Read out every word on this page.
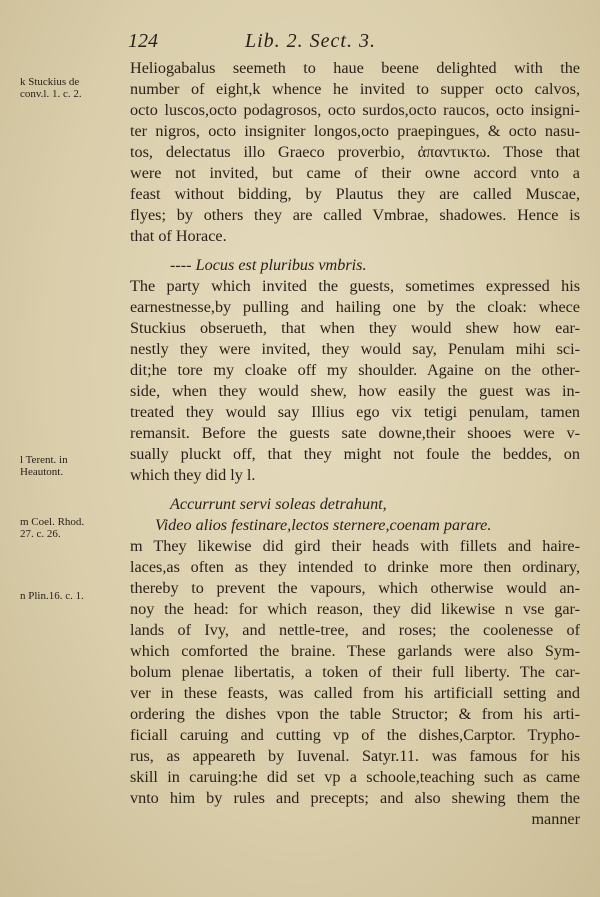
124	Lib. 2. Sect. 3.
k Stuckius de
conv.l. 1. c. 2.
l Terent. in
Heautont.
m Coel. Rhod.
27. c. 26.
n Plin.16. c. 1.
Heliogabalus seemeth to haue beene delighted with the
number of eight,k whence he invited to supper octo calvos,
octo luscos,octo podagrosos, octo surdos,octo raucos, octo insigni-
ter nigros, octo insigniter longos,octo praepingues, & octo nasu-
tos, delectatus illo Graeco proverbio, ἀπαντικτω. Those that
were not invited, but came of their owne accord vnto a
feast without bidding, by Plautus they are called Muscae,
flyes; by others they are called Vmbrae, shadowes. Hence is
that of Horace.
---- Locus est pluribus vmbris.
The party which invited the guests, sometimes expressed his
earnestnesse,by pulling and hailing one by the cloak: whece
Stuckius obserueth, that when they would shew how ear-
nestly they were invited, they would say, Penulam mihi sci-
dit;he tore my cloake off my shoulder. Againe on the other-
side, when they would shew, how easily the guest was in-
treated they would say Illius ego vix tetigi penulam, tamen
remansit. Before the guests sate downe,their shooes were v-
sually pluckt off, that they might not foule the beddes, on
which they did ly l.
Accurrunt servi soleas detrahunt,
Video alios festinare,lectos sternere,coenam parare.
m They likewise did gird their heads with fillets and haire-
laces,as often as they intended to drinke more then ordinary,
thereby to prevent the vapours, which otherwise would an-
noy the head: for which reason, they did likewise n vse gar-
lands of Ivy, and nettle-tree, and roses; the coolenesse of
which comforted the braine. These garlands were also Sym-
bolum plenae libertatis, a token of their full liberty. The car-
ver in these feasts, was called from his artificiall setting and
ordering the dishes vpon the table Structor; & from his arti-
ficiall caruing and cutting vp of the dishes,Carptor. Trypho-
rus, as appeareth by Iuvenal. Satyr.11. was famous for his
skill in caruing:he did set vp a schoole,teaching such as came
vnto him by rules and precepts; and also shewing them the
manner
